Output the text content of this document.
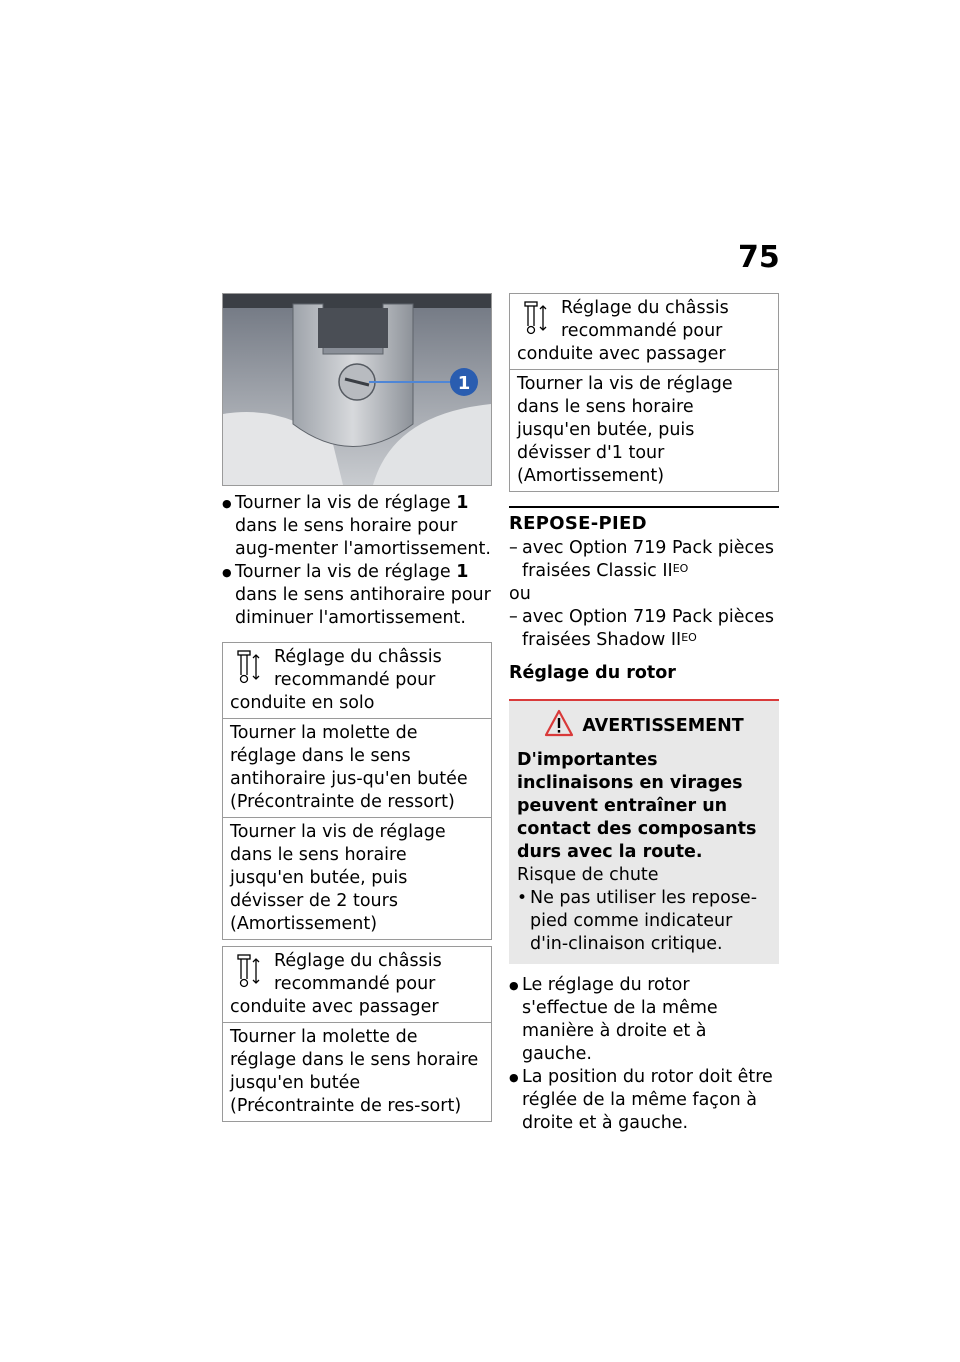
75
1
● Tourner la vis de réglage 1 dans le sens horaire pour aug-menter l'amortissement.
● Tourner la vis de réglage 1 dans le sens antihoraire pour diminuer l'amortissement.
Réglage du châssis
recommandé pour
conduite en solo
Tourner la molette de réglage dans le sens antihoraire jus-qu'en butée (Précontrainte de ressort)
Tourner la vis de réglage dans le sens horaire jusqu'en butée, puis dévisser de 2 tours (Amortissement)
Réglage du châssis
recommandé pour
conduite avec passager
Tourner la molette de réglage dans le sens horaire jusqu'en butée (Précontrainte de res-sort)
Réglage du châssis
recommandé pour
conduite avec passager
Tourner la vis de réglage dans le sens horaire jusqu'en butée, puis dévisser d'1 tour (Amortissement)
REPOSE-PIED
– avec Option 719 Pack pièces fraisées Classic $II^{EO}$
ou
– avec Option 719 Pack pièces fraisées Shadow $II^{EO}$
Réglage du rotor
AVERTISSEMENT
D'importantes inclinaisons en virages peuvent entraîner un contact des composants durs avec la route.
Risque de chute
• Ne pas utiliser les repose-pied comme indicateur d'in-clinaison critique.
● Le réglage du rotor s'effectue de la même manière à droite et à gauche.
● La position du rotor doit être réglée de la même façon à droite et à gauche.
